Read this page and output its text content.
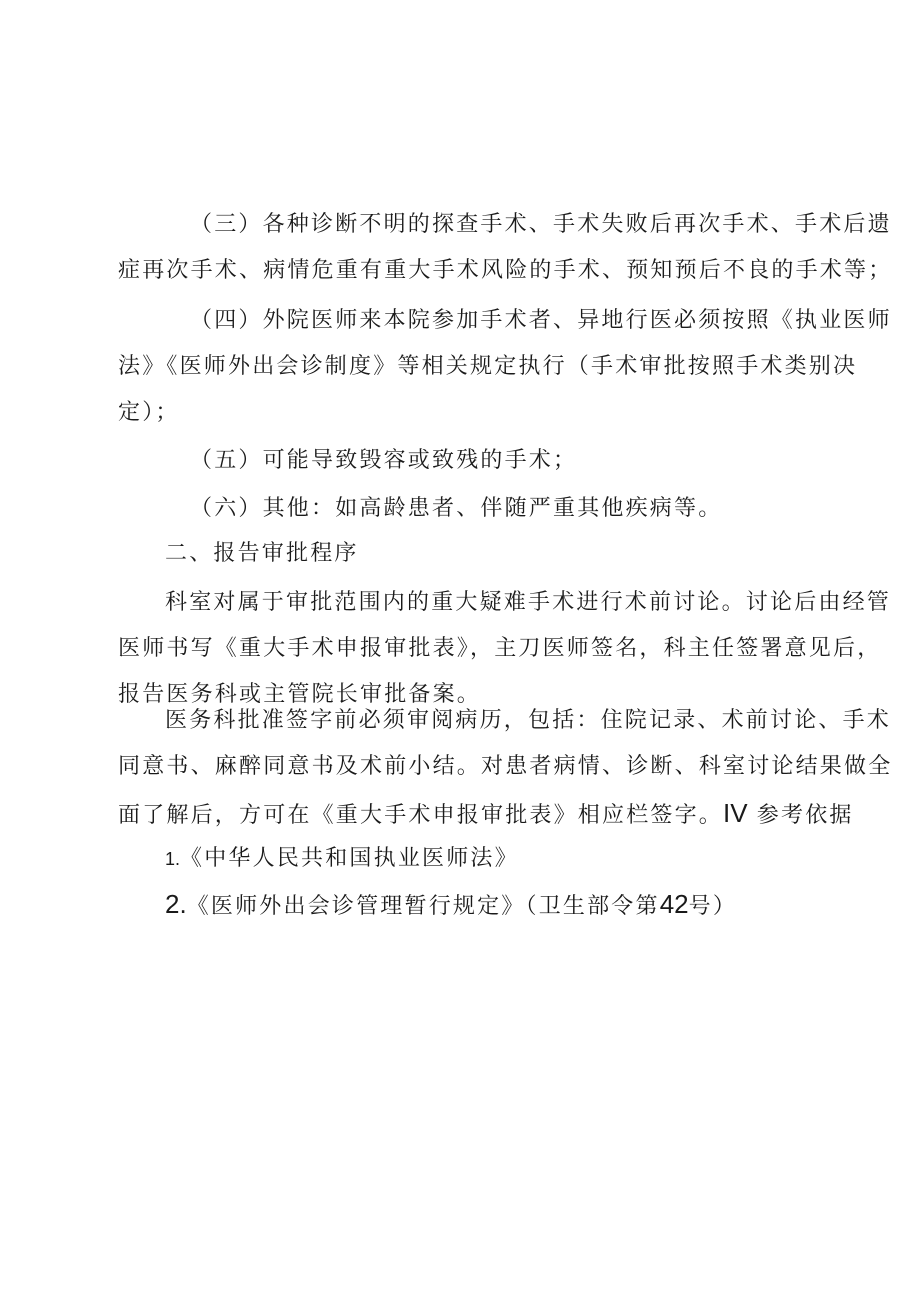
（三）各种诊断不明的探查手术、手术失败后再次手术、手术后遗
症再次手术、病情危重有重大手术风险的手术、预知预后不良的手术等；
（四）外院医师来本院参加手术者、异地行医必须按照《执业医师
法》《医师外出会诊制度》等相关规定执行（手术审批按照手术类别决
定）；
（五）可能导致毁容或致残的手术；
（六）其他：如高龄患者、伴随严重其他疾病等。
二、报告审批程序
科室对属于审批范围内的重大疑难手术进行术前讨论。讨论后由经管
医师书写《重大手术申报审批表》，主刀医师签名，科主任签署意见后，
报告医务科或主管院长审批备案。
医务科批准签字前必须审阅病历，包括：住院记录、术前讨论、手术
同意书、麻醉同意书及术前小结。对患者病情、诊断、科室讨论结果做全
面了解后，方可在《重大手术申报审批表》相应栏签字。IV 参考依据
1.《中华人民共和国执业医师法》
2.《医师外出会诊管理暂行规定》（卫生部令第42号）
